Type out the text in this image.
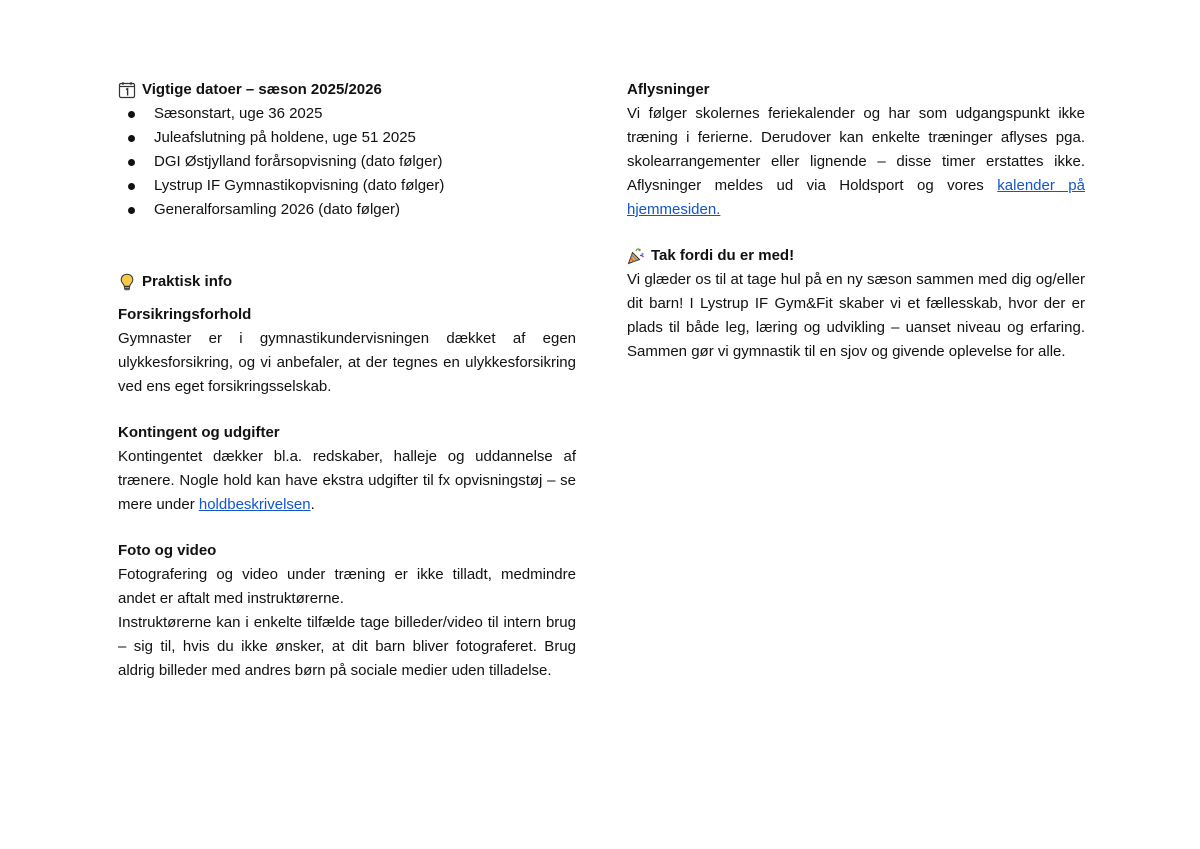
Vigtige datoer – sæson 2025/2026
Sæsonstart, uge 36 2025
Juleafslutning på holdene, uge 51 2025
DGI Østjylland forårsopvisning (dato følger)
Lystrup IF Gymnastikopvisning (dato følger)
Generalforsamling 2026 (dato følger)
Praktisk info
Forsikringsforhold
Gymnaster er i gymnastikundervisningen dækket af egen ulykkesforsikring, og vi anbefaler, at der tegnes en ulykkesforsikring ved ens eget forsikringsselskab.
Kontingent og udgifter
Kontingentet dækker bl.a. redskaber, halleje og uddannelse af trænere. Nogle hold kan have ekstra udgifter til fx opvisningstøj – se mere under holdbeskrivelsen.
Foto og video
Fotografering og video under træning er ikke tilladt, medmindre andet er aftalt med instruktørerne.
Instruktørerne kan i enkelte tilfælde tage billeder/video til intern brug – sig til, hvis du ikke ønsker, at dit barn bliver fotograferet. Brug aldrig billeder med andres børn på sociale medier uden tilladelse.
Aflysninger
Vi følger skolernes feriekalender og har som udgangspunkt ikke træning i ferierne. Derudover kan enkelte træninger aflyses pga. skolearrangementer eller lignende – disse timer erstattes ikke. Aflysninger meldes ud via Holdsport og vores kalender på hjemmesiden.
Tak fordi du er med!
Vi glæder os til at tage hul på en ny sæson sammen med dig og/eller dit barn! I Lystrup IF Gym&Fit skaber vi et fællesskab, hvor der er plads til både leg, læring og udvikling – uanset niveau og erfaring. Sammen gør vi gymnastik til en sjov og givende oplevelse for alle.
